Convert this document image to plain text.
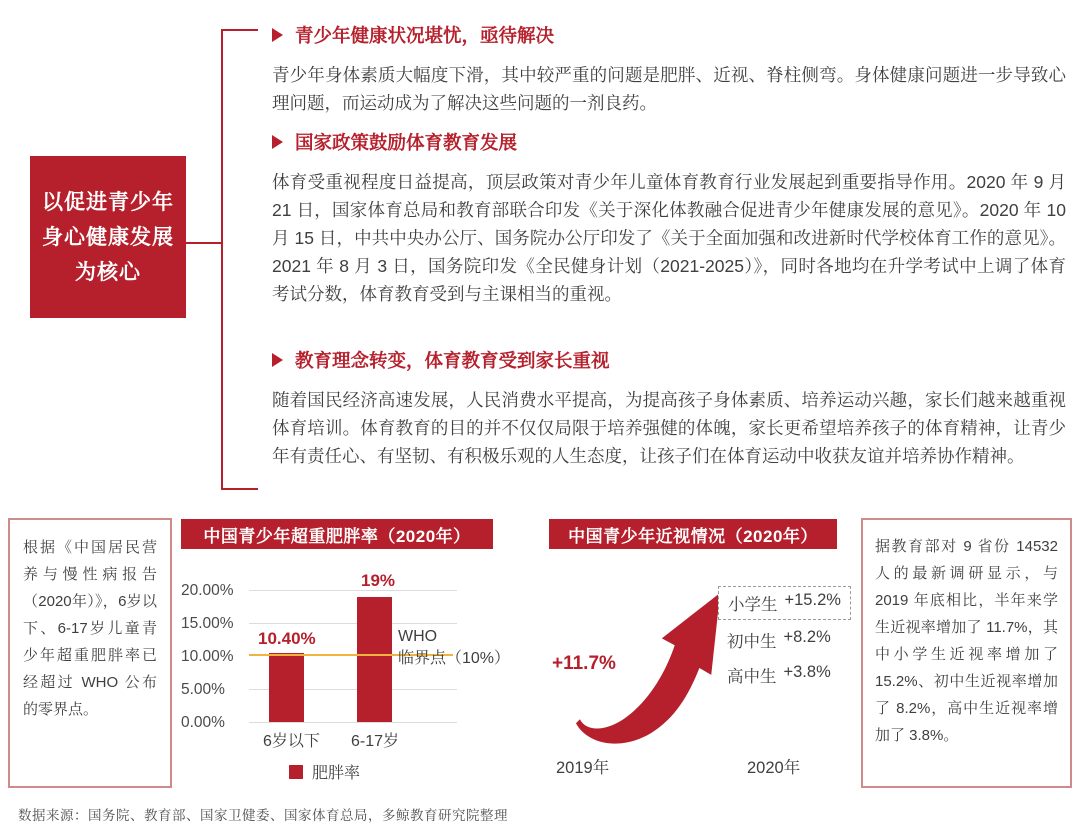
以促进青少年
身心健康发展
为核心
青少年健康状况堪忧，亟待解决
青少年身体素质大幅度下滑，其中较严重的问题是肥胖、近视、脊柱侧弯。身体健康问题进一步导致心理问题，而运动成为了解决这些问题的一剂良药。
国家政策鼓励体育教育发展
体育受重视程度日益提高，顶层政策对青少年儿童体育教育行业发展起到重要指导作用。2020 年 9 月 21 日，国家体育总局和教育部联合印发《关于深化体教融合促进青少年健康发展的意见》。2020 年 10 月 15 日，中共中央办公厅、国务院办公厅印发了《关于全面加强和改进新时代学校体育工作的意见》。 2021 年 8 月 3 日，国务院印发《全民健身计划（2021-2025）》，同时各地均在升学考试中上调了体育考试分数，体育教育受到与主课相当的重视。
教育理念转变，体育教育受到家长重视
随着国民经济高速发展，人民消费水平提高，为提高孩子身体素质、培养运动兴趣，家长们越来越重视体育培训。体育教育的目的并不仅仅局限于培养强健的体魄，家长更希望培养孩子的体育精神，让青少年有责任心、有坚韧、有积极乐观的人生态度，让孩子们在体育运动中收获友谊并培养协作精神。
根据《中国居民营养与慢性病报告（2020年）》，6岁以下、6-17岁儿童青少年超重肥胖率已经超过 WHO 公布的零界点。
中国青少年超重肥胖率（2020年）
20.00%
15.00%
10.00%
5.00%
0.00%
WHO
临界点（10%）
10.40%
19%
6岁以下 6-17岁
肥胖率
中国青少年近视情况（2020年）
+11.7%
小学生 +15.2%
初中生 +8.2%
高中生 +3.8%
2019年	2020年
据教育部对 9 省份 14532 人的最新调研显示，与 2019 年底相比，半年来学生近视率增加了 11.7%，其中小学生近视率增加了 15.2%、初中生近视率增加了 8.2%，高中生近视率增加了 3.8%。
数据来源：国务院、教育部、国家卫健委、国家体育总局，多鲸教育研究院整理
